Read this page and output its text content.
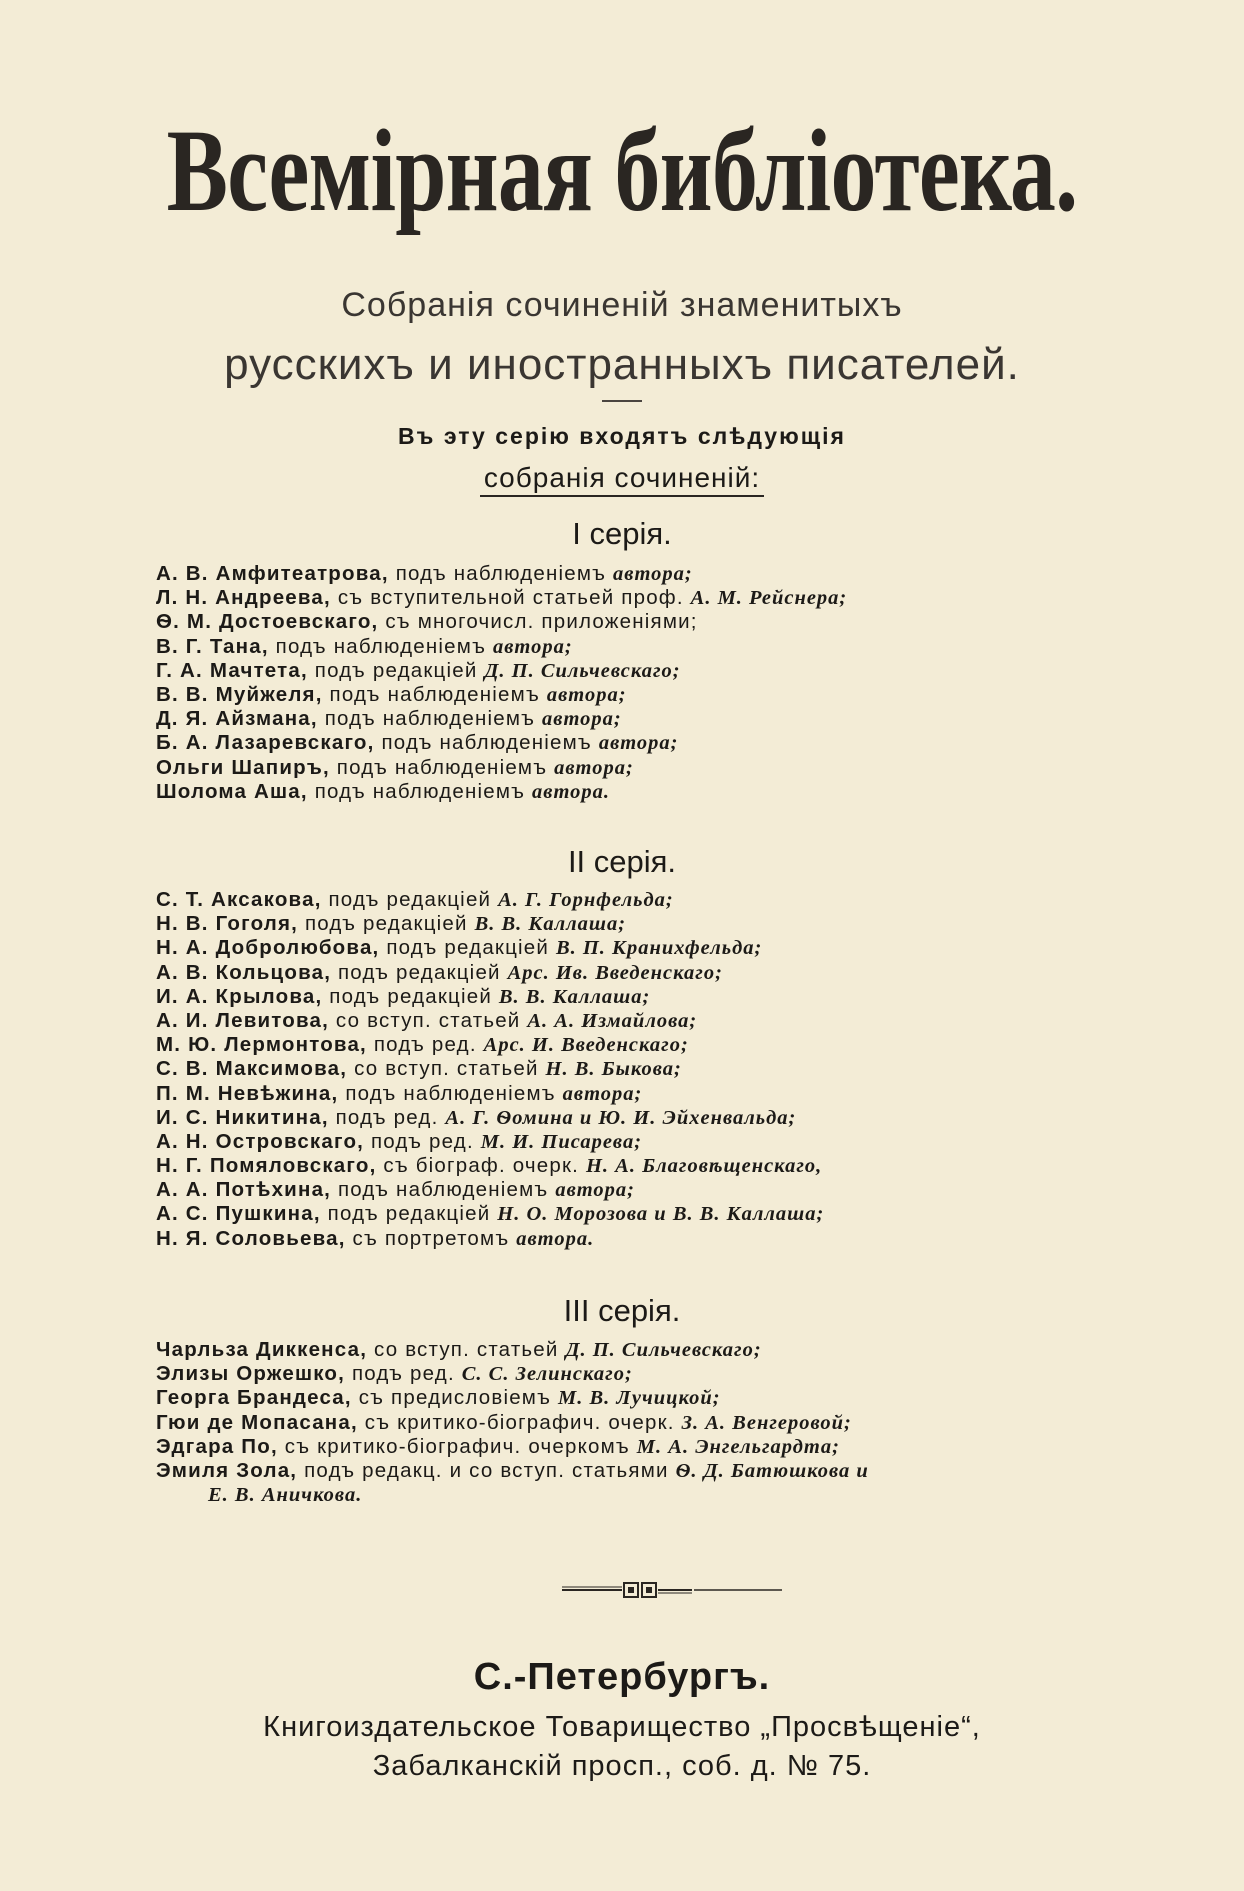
Всемiрная библiотека.
Собранiя сочиненiй знаменитыхъ
русскихъ и иностранныхъ писателей.
Въ эту серiю входятъ слѣдующiя
собранiя сочиненiй:
I серiя.
А. В. Амфитеатрова, подъ наблюденiемъ автора;
Л. Н. Андреева, съ вступительной статьей проф. А. М. Рейснера;
Ѳ. М. Достоевскаго, съ многочисл. приложенiями;
В. Г. Тана, подъ наблюденiемъ автора;
Г. А. Мачтета, подъ редакцiей Д. П. Сильчевскаго;
В. В. Муйжеля, подъ наблюденiемъ автора;
Д. Я. Айзмана, подъ наблюденiемъ автора;
Б. А. Лазаревскаго, подъ наблюденiемъ автора;
Ольги Шапиръ, подъ наблюденiемъ автора;
Шолома Аша, подъ наблюденiемъ автора.
II серiя.
С. Т. Аксакова, подъ редакцiей А. Г. Горнфельда;
Н. В. Гоголя, подъ редакцiей В. В. Каллаша;
Н. А. Добролюбова, подъ редакцiей В. П. Кранихфельда;
А. В. Кольцова, подъ редакцiей Арс. Ив. Введенскаго;
И. А. Крылова, подъ редакцiей В. В. Каллаша;
А. И. Левитова, со вступ. статьей А. А. Измайлова;
М. Ю. Лермонтова, подъ ред. Арс. И. Введенскаго;
С. В. Максимова, со вступ. статьей Н. В. Быкова;
П. М. Невѣжина, подъ наблюденiемъ автора;
И. С. Никитина, подъ ред. А. Г. Ѳомина и Ю. И. Эйхенвальда;
А. Н. Островскаго, подъ ред. М. И. Писарева;
Н. Г. Помяловскаго, съ бiограф. очерк. Н. А. Благовѣщенскаго,
А. А. Потѣхина, подъ наблюденiемъ автора;
А. С. Пушкина, подъ редакцiей Н. О. Морозова и В. В. Каллаша;
Н. Я. Соловьева, съ портретомъ автора.
III серiя.
Чарльза Диккенса, со вступ. статьей Д. П. Сильчевскаго;
Элизы Оржешко, подъ ред. С. С. Зелинскаго;
Георга Брандеса, съ предисловiемъ М. В. Лучицкой;
Гюи де Мопасана, съ критико-бiографич. очерк. З. А. Венгеровой;
Эдгара По, съ критико-бiографич. очеркомъ М. А. Энгельгардта;
Эмиля Зола, подъ редакц. и со вступ. статьями Ѳ. Д. Батюшкова и
Е. В. Аничкова.
С.-Петербургъ.
Книгоиздательское Товарищество „Просвѣщенiе“,
Забалканскiй просп., соб. д. № 75.
